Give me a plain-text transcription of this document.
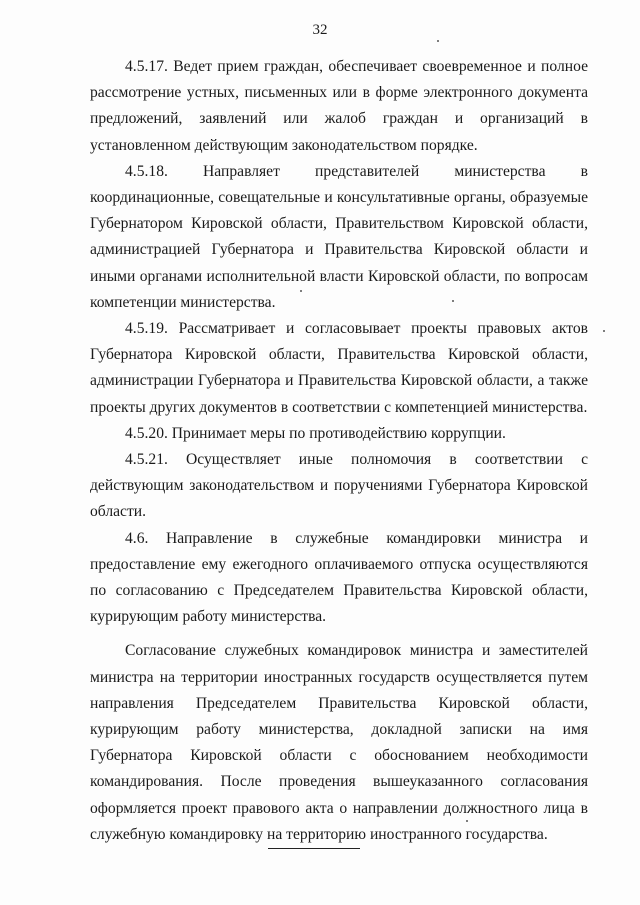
32

4.5.17. Ведет прием граждан, обеспечивает своевременное и полное рассмотрение устных, письменных или в форме электронного документа предложений, заявлений или жалоб граждан и организаций в установленном действующим законодательством порядке.

4.5.18. Направляет представителей министерства в координационные, совещательные и консультативные органы, образуемые Губернатором Кировской области, Правительством Кировской области, администрацией Губернатора и Правительства Кировской области и иными органами исполнительной власти Кировской области, по вопросам компетенции министерства.

4.5.19. Рассматривает и согласовывает проекты правовых актов Губернатора Кировской области, Правительства Кировской области, администрации Губернатора и Правительства Кировской области, а также проекты других документов в соответствии с компетенцией министерства.

4.5.20. Принимает меры по противодействию коррупции.

4.5.21. Осуществляет иные полномочия в соответствии с действующим законодательством и поручениями Губернатора Кировской области.

4.6. Направление в служебные командировки министра и предоставление ему ежегодного оплачиваемого отпуска осуществляются по согласованию с Председателем Правительства Кировской области, курирующим работу министерства.

Согласование служебных командировок министра и заместителей министра на территории иностранных государств осуществляется путем направления Председателем Правительства Кировской области, курирующим работу министерства, докладной записки на имя Губернатора Кировской области с обоснованием необходимости командирования. После проведения вышеуказанного согласования оформляется проект правового акта о направлении должностного лица в служебную командировку на территорию иностранного государства.
